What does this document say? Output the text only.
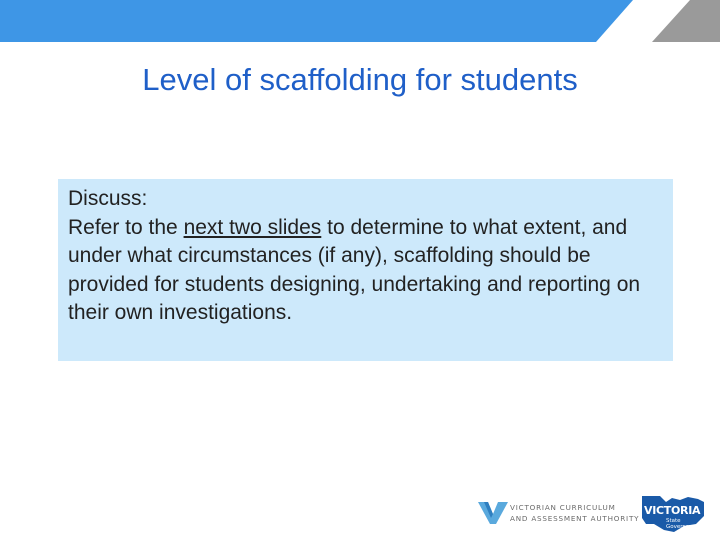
Level of scaffolding for students
Discuss:
Refer to the next two slides to determine to what extent, and under what circumstances (if any), scaffolding should be provided for students designing, undertaking and reporting on their own investigations.
VICTORIAN CURRICULUM
AND ASSESSMENT AUTHORITY
VICTORIA
State
Government
